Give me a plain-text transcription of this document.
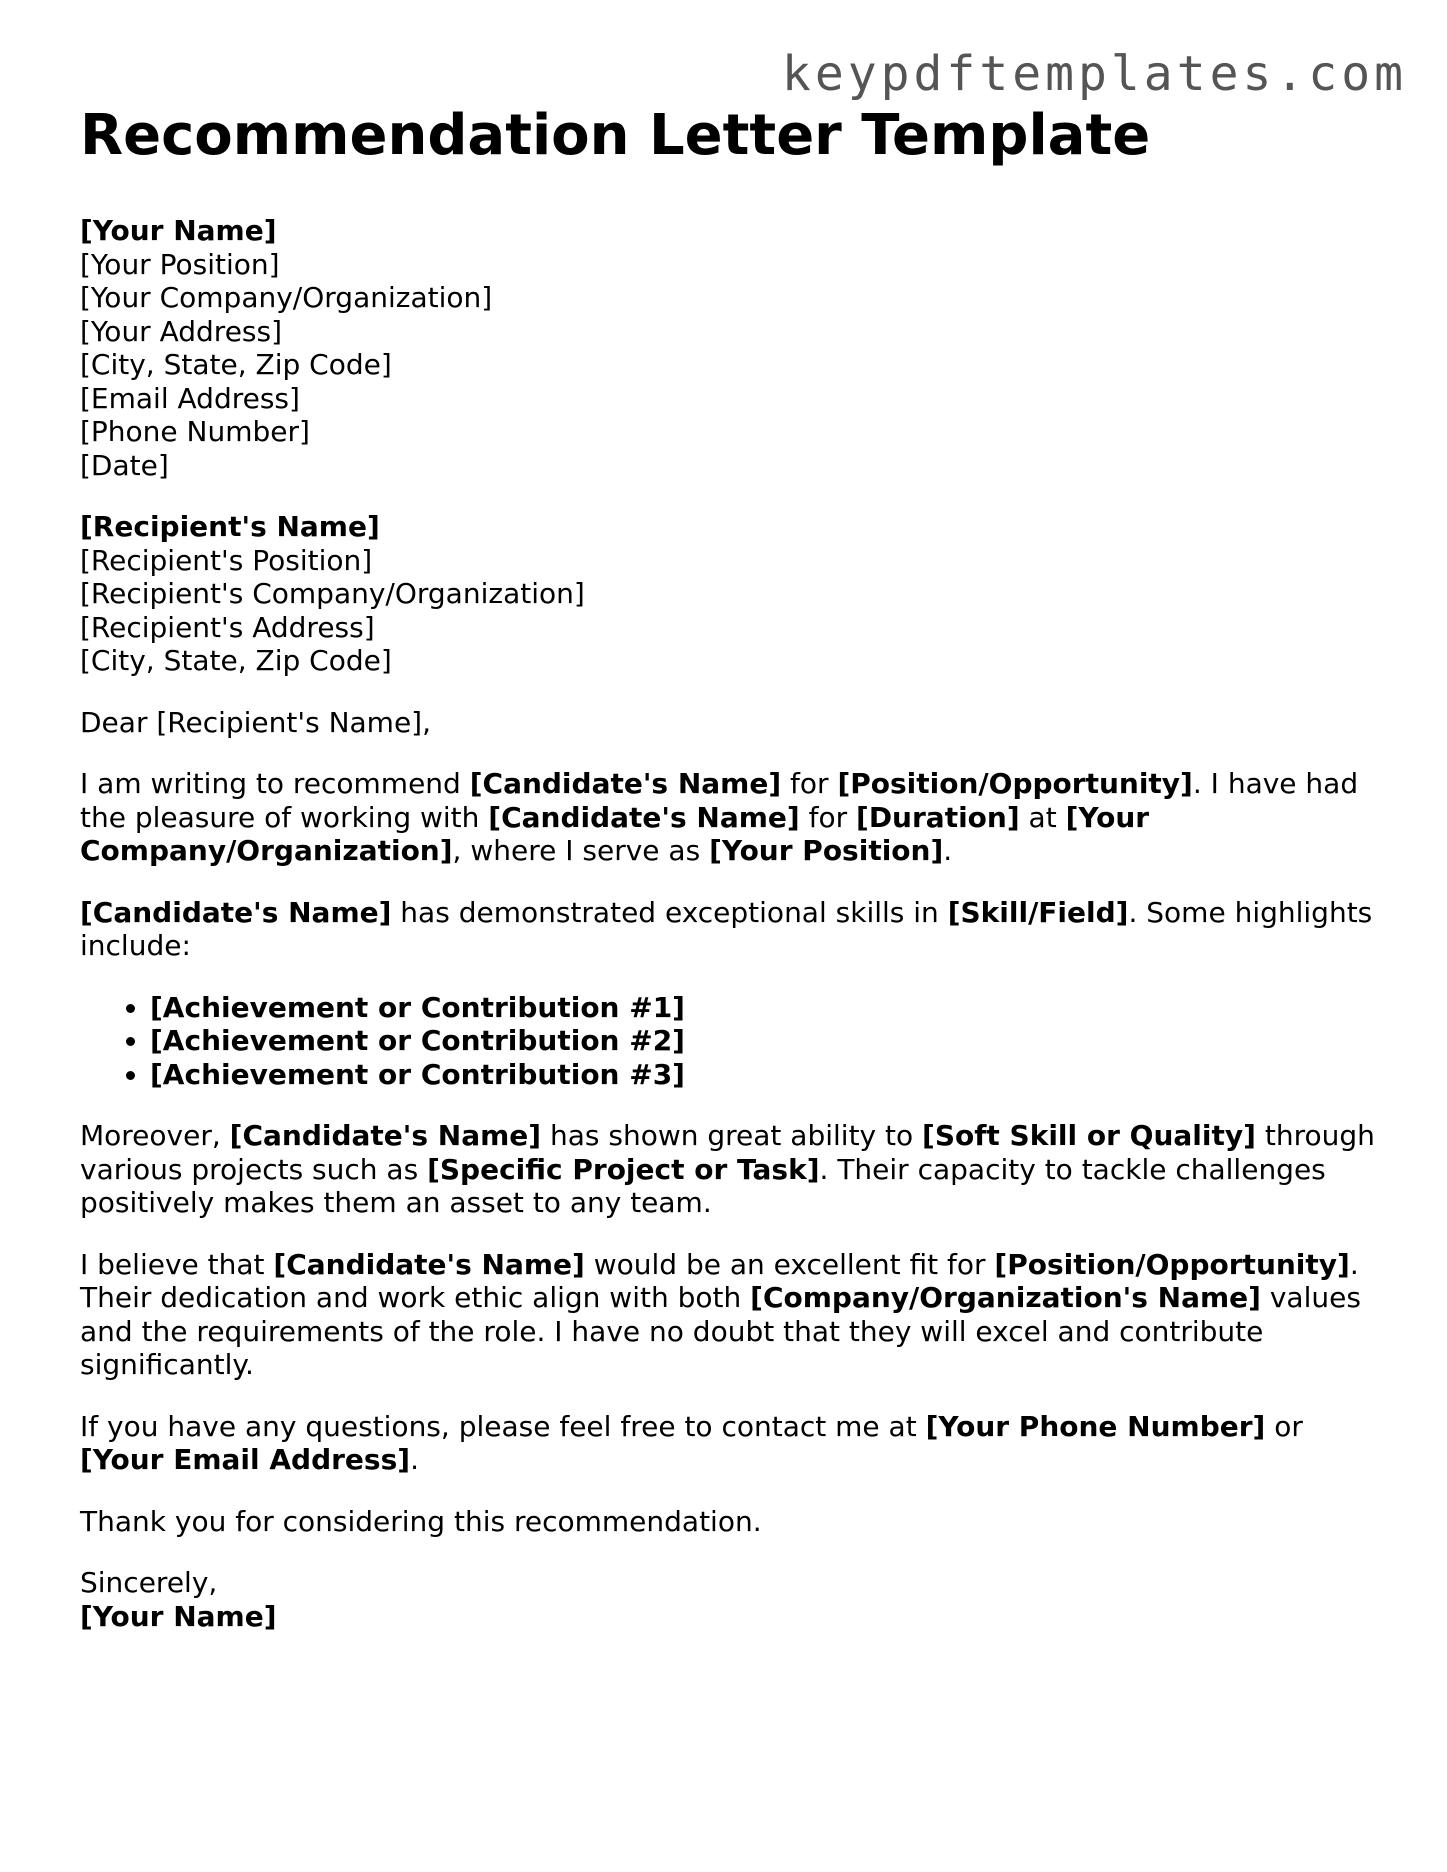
keypdftemplates.com
Recommendation Letter Template
[Your Name]
[Your Position]
[Your Company/Organization]
[Your Address]
[City, State, Zip Code]
[Email Address]
[Phone Number]
[Date]
[Recipient's Name]
[Recipient's Position]
[Recipient's Company/Organization]
[Recipient's Address]
[City, State, Zip Code]

Dear [Recipient's Name],

I am writing to recommend [Candidate's Name] for [Position/Opportunity]. I have had the pleasure of working with [Candidate's Name] for [Duration] at [Your Company/Organization], where I serve as [Your Position].

[Candidate's Name] has demonstrated exceptional skills in [Skill/Field]. Some highlights include:

• [Achievement or Contribution #1]
• [Achievement or Contribution #2]
• [Achievement or Contribution #3]

Moreover, [Candidate's Name] has shown great ability to [Soft Skill or Quality] through various projects such as [Specific Project or Task]. Their capacity to tackle challenges positively makes them an asset to any team.

I believe that [Candidate's Name] would be an excellent fit for [Position/Opportunity]. Their dedication and work ethic align with both [Company/Organization's Name] values and the requirements of the role. I have no doubt that they will excel and contribute significantly.

If you have any questions, please feel free to contact me at [Your Phone Number] or [Your Email Address].

Thank you for considering this recommendation.

Sincerely,

[Your Name]
